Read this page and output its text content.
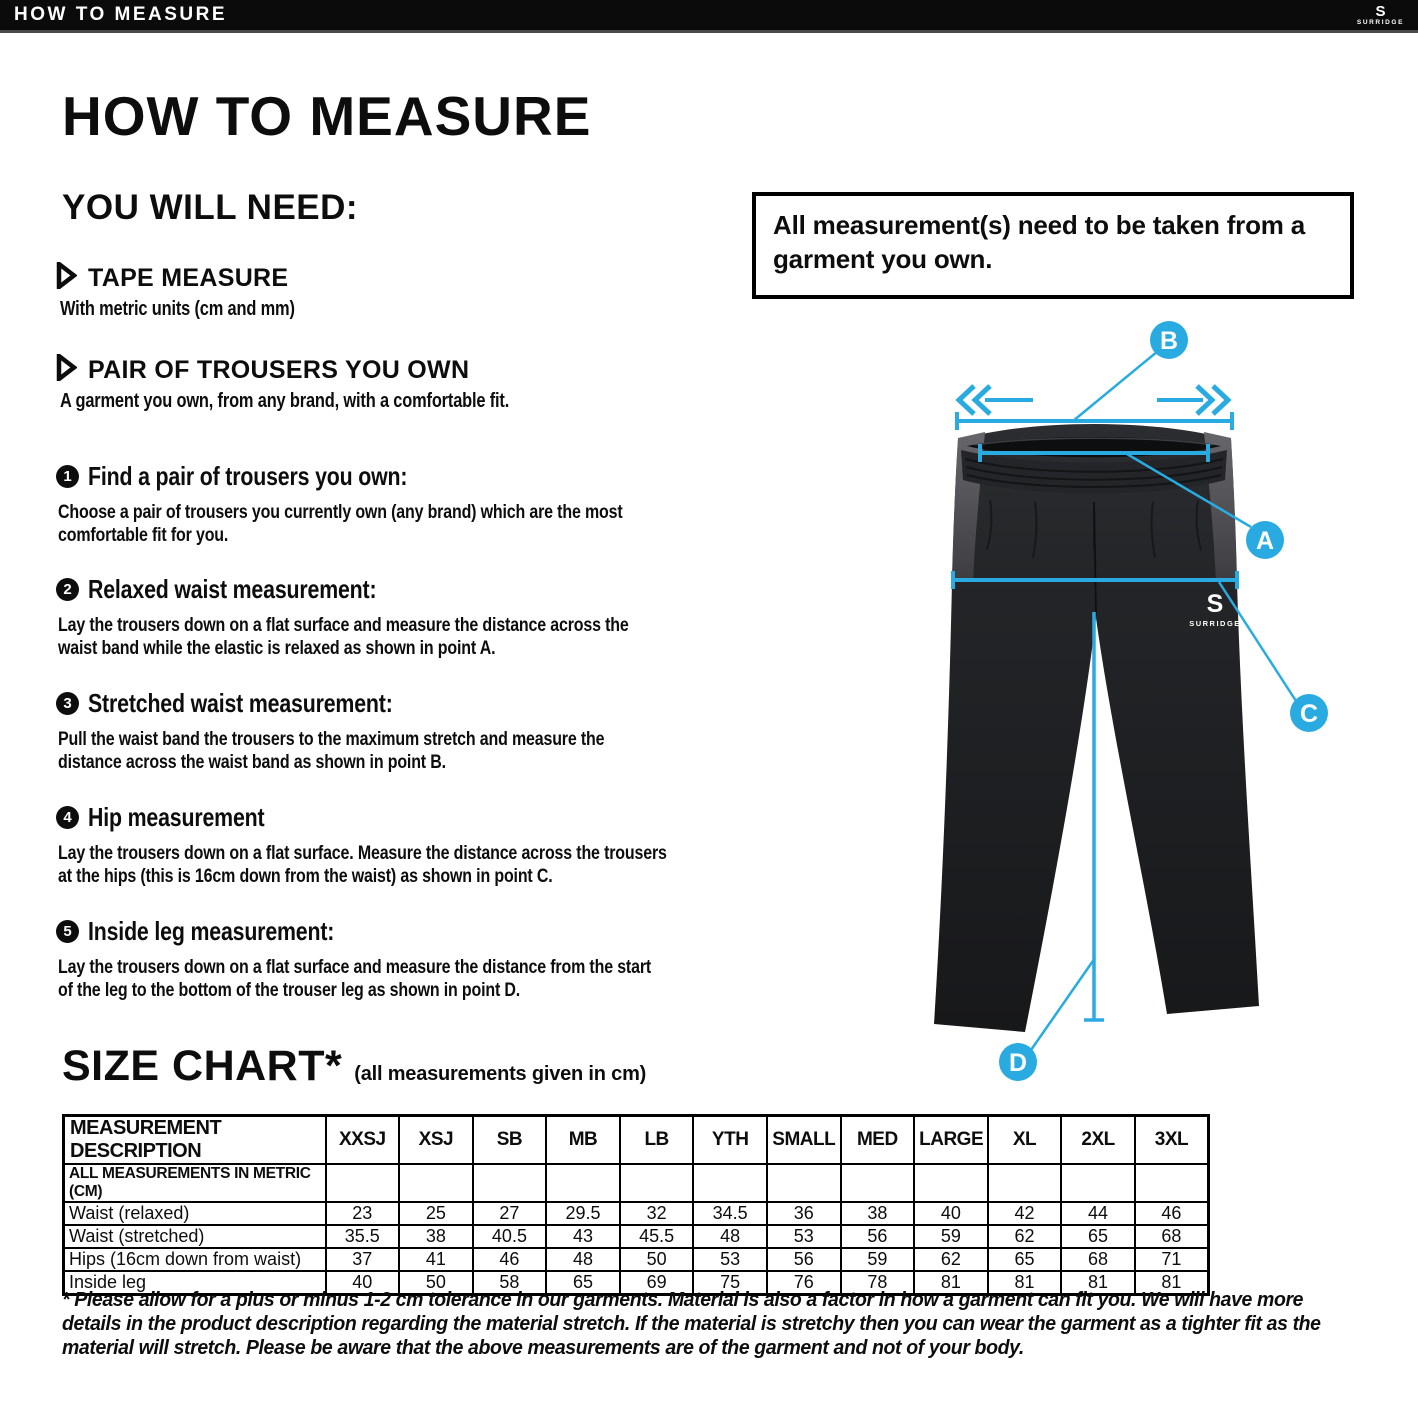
HOW TO MEASURE	S
SURRIDGE
HOW TO MEASURE
YOU WILL NEED:
TAPE MEASURE
With metric units (cm and mm)
PAIR OF TROUSERS YOU OWN
A garment you own, from any brand, with a comfortable fit.
All measurement(s) need to be taken from a garment you own.
1 Find a pair of trousers you own:
Choose a pair of trousers you currently own (any brand) which are the most comfortable fit for you.
2 Relaxed waist measurement:
Lay the trousers down on a flat surface and measure the distance across the waist band while the elastic is relaxed as shown in point A.
3 Stretched waist measurement:
Pull the waist band the trousers to the maximum stretch and measure the distance across the waist band as shown in point B.
4 Hip measurement
Lay the trousers down on a flat surface. Measure the distance across the trousers at the hips (this is 16cm down from the waist) as shown in point C.
5 Inside leg measurement:
Lay the trousers down on a flat surface and measure the distance from the start of the leg to the bottom of the trouser leg as shown in point D.
S
SURRIDGE
B
A
C
D
SIZE CHART* (all measurements given in cm)
MEASUREMENT DESCRIPTION	XXSJ	XSJ	SB	MB	LB	YTH	SMALL	MED	LARGE	XL	2XL	3XL
ALL MEASUREMENTS IN METRIC (CM)												
Waist (relaxed)	23	25	27	29.5	32	34.5	36	38	40	42	44	46
Waist (stretched)	35.5	38	40.5	43	45.5	48	53	56	59	62	65	68
Hips (16cm down from waist)	37	41	46	48	50	53	56	59	62	65	68	71
Inside leg	40	50	58	65	69	75	76	78	81	81	81	81
* Please allow for a plus or minus 1-2 cm tolerance in our garments. Material is also a factor in how a garment can fit you. We will have more details in the product description regarding the material stretch. If the material is stretchy then you can wear the garment as a tighter fit as the material will stretch. Please be aware that the above measurements are of the garment and not of your body.
